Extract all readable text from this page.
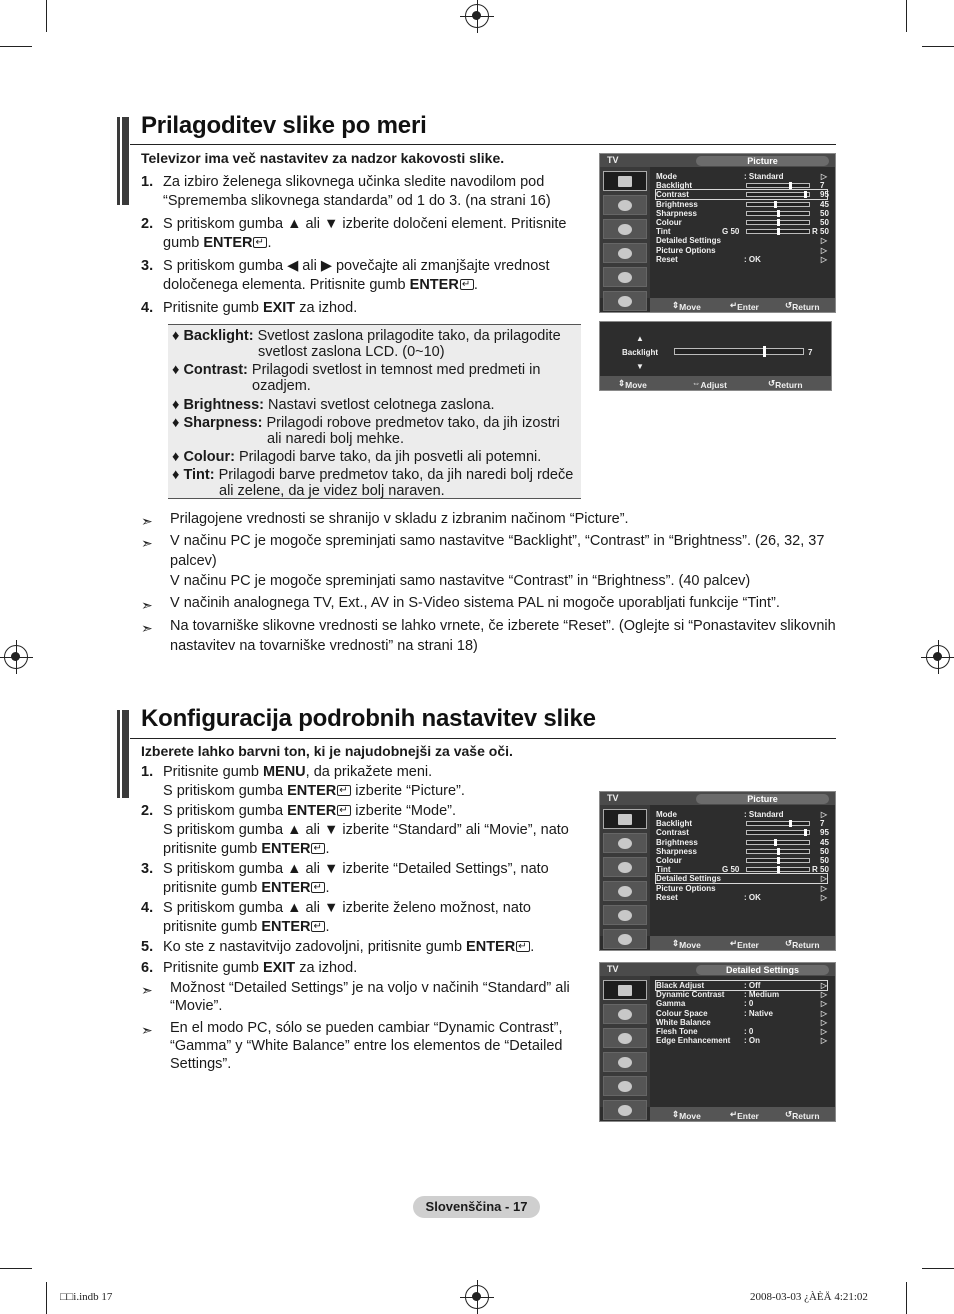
Prilagoditev slike po meri
Televizor ima več nastavitev za nadzor kakovosti slike.
1. Za izbiro želenega slikovnega učinka sledite navodilom pod “Sprememba slikovnega standarda” od 1 do 3. (na strani 16)
2. S pritiskom gumba ▲ ali ▼ izberite določeni element. Pritisnite gumb ENTER ↵ .
3. S pritiskom gumba ◀ ali ▶ povečajte ali zmanjšajte vrednost določenega elementa. Pritisnite gumb ENTER ↵ .
4. Pritisnite gumb EXIT za izhod.
♦ Backlight: Svetlost zaslona prilagodite tako, da prilagodite
svetlost zaslona LCD. (0~10)
♦ Contrast: Prilagodi svetlost in temnost med predmeti in
ozadjem.
♦ Brightness: Nastavi svetlost celotnega zaslona.
♦ Sharpness: Prilagodi robove predmetov tako, da jih izostri
ali naredi bolj mehke.
♦ Colour: Prilagodi barve tako, da jih posvetli ali potemni.
♦ Tint: Prilagodi barve predmetov tako, da jih naredi bolj rdeče
ali zelene, da je videz bolj naraven.
➣ Prilagojene vrednosti se shranijo v skladu z izbranim načinom “Picture”.
➣ V načinu PC je mogoče spreminjati samo nastavitve “Backlight”, “Contrast” in “Brightness”. (26, 32, 37 palcev)
V načinu PC je mogoče spreminjati samo nastavitve “Contrast” in “Brightness”. (40 palcev)
➣ V načinih analognega TV, Ext., AV in S-Video sistema PAL ni mogoče uporabljati funkcije “Tint”.
➣ Na tovarniške slikovne vrednosti se lahko vrnete, če izberete “Reset”. (Oglejte si “Ponastavitev slikovnih nastavitev na tovarniške vrednosti” na strani 18)
TV	Picture
Mode	: Standard	▷
Backlight	7
Contrast	95
Brightness	45
Sharpness	50
Colour	50
Tint	G 50	R 50
Detailed Settings	▷
Picture Options	▷
Reset	: OK	▷
⇕ Move	↵ Enter	↺ Return
▲
Backlight
▼
7
⇕ Move	⇔ Adjust	↺ Return
Konfiguracija podrobnih nastavitev slike
Izberete lahko barvni ton, ki je najudobnejši za vaše oči.
1. Pritisnite gumb MENU, da prikažete meni.
S pritiskom gumba ENTER↵ izberite “Picture”.
2. S pritiskom gumba ENTER↵ izberite “Mode”.
S pritiskom gumba ▲ ali ▼ izberite “Standard” ali “Movie”, nato
pritisnite gumb ENTER ↵ .
3. S pritiskom gumba ▲ ali ▼ izberite “Detailed Settings”, nato
pritisnite gumb ENTER ↵ .
4. S pritiskom gumba ▲ ali ▼ izberite želeno možnost, nato
pritisnite gumb ENTER ↵ .
5. Ko ste z nastavitvijo zadovoljni, pritisnite gumb ENTER ↵ .
6. Pritisnite gumb EXIT za izhod.
➣ Možnost “Detailed Settings” je na voljo v načinih “Standard” ali “Movie”.
➣ En el modo PC, sólo se pueden cambiar “Dynamic Contrast”, “Gamma” y “White Balance” entre los elementos de “Detailed Settings”.
TV	Picture
Mode	: Standard	▷
Backlight	7
Contrast	95
Brightness	45
Sharpness	50
Colour	50
Tint	G 50	R 50
Detailed Settings	▷
Picture Options	▷
Reset	: OK	▷
⇕ Move	↵ Enter	↺ Return
TV	Detailed Settings
Black Adjust	: Off	▷
Dynamic Contrast : Medium	▷
Gamma	: 0	▷
Colour Space	: Native	▷
White Balance	▷
Flesh Tone	: 0	▷
Edge Enhancement : On	▷
⇕ Move	↵ Enter	↺ Return
Slovenščina - 17
□□i.indb 17	2008-03-03 ¿ÀÈÄ 4:21:02
